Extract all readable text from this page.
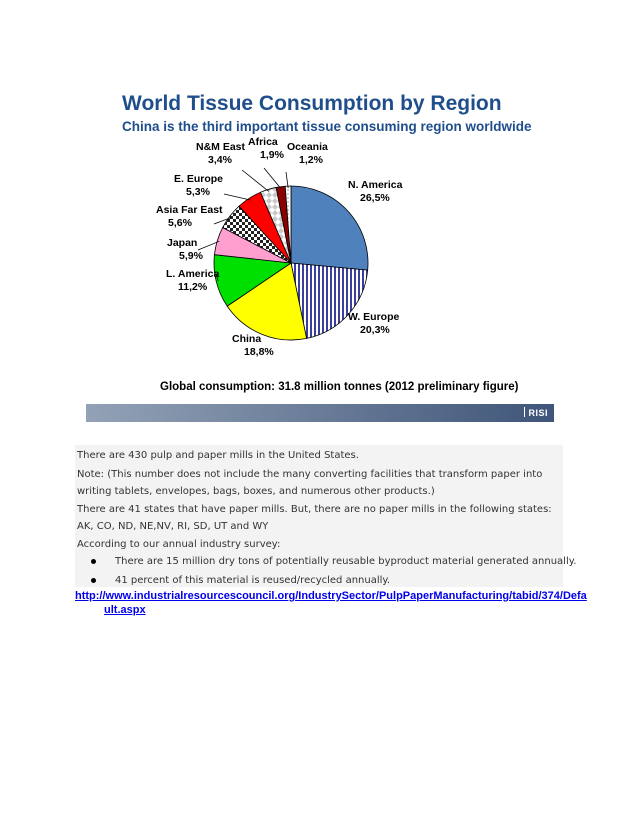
World Tissue Consumption by Region
China is the third important tissue consuming region worldwide
N. America 26,5%
W. Europe 20,3%
China 18,8%
L. America 11,2%
Japan 5,9%
Asia Far East 5,6%
E. Europe 5,3%
N&M East 3,4%
Africa 1,9%
Oceania 1,2%
Global consumption: 31.8 million tonnes (2012 preliminary figure)
RISI

There are 430 pulp and paper mills in the United States.

Note: (This number does not include the many converting facilities that transform paper into writing tablets, envelopes, bags, boxes, and numerous other products.)

There are 41 states that have paper mills. But, there are no paper mills in the following states: AK, CO, ND, NE,NV, RI, SD, UT and WY

According to our annual industry survey:

There are 15 million dry tons of potentially reusable byproduct material generated annually.
41 percent of this material is reused/recycled annually.
http://www.industrialresourcescouncil.org/IndustrySector/PulpPaperManufacturing/tabid/374/Defa
ult.aspx
